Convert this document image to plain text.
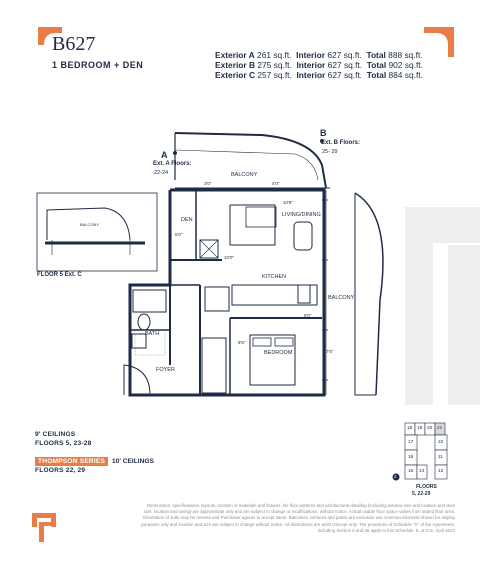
B627
1 BEDROOM + DEN
Exterior A 261 sq.ft. Interior 627 sq.ft. Total 888 sq.ft.
Exterior B 275 sq.ft. Interior 627 sq.ft. Total 902 sq.ft.
Exterior C 257 sq.ft. Interior 627 sq.ft. Total 884 sq.ft.
A
Ext. A Floors:
22-24
B
Ext. B Floors:
25- 29
BALCONY
BALCONY
DEN
LIVING/DINING
KITCHEN
BATH
BEDROOM
FOYER
3'0"	4'0"
10'8"
5'0"
10'0"
9'0"
8'6"
7'6"
BALCONY
FLOOR 5 Ext. C
9' CEILINGS
FLOORS 5, 23-28
THOMPSON SERIES	10' CEILINGS
FLOORS 22, 29
18 19 20 21
17	22
16	11
15 14	12
2
FLOORS
5, 22-29
Dimensions, specifications, layouts, location of materials and fixtures, tile floor patterns and architectural detailing (including window size and location and door size, location and swing) are approximate only and are subject to change or modifications, without notice. Actual usable floor space varies from stated floor area. Orientation of suite may be reverse and Purchaser agrees to accept same. Balconies, terraces and patios are exclusive use common elements shown for display purposes only and location and size are subject to change without notice. All illustrations are artist concept only. The provisions of Schedule "X" of the Agreement, including Section 6 and 38 apply to this Schedule. E. & O.E. April 2024
